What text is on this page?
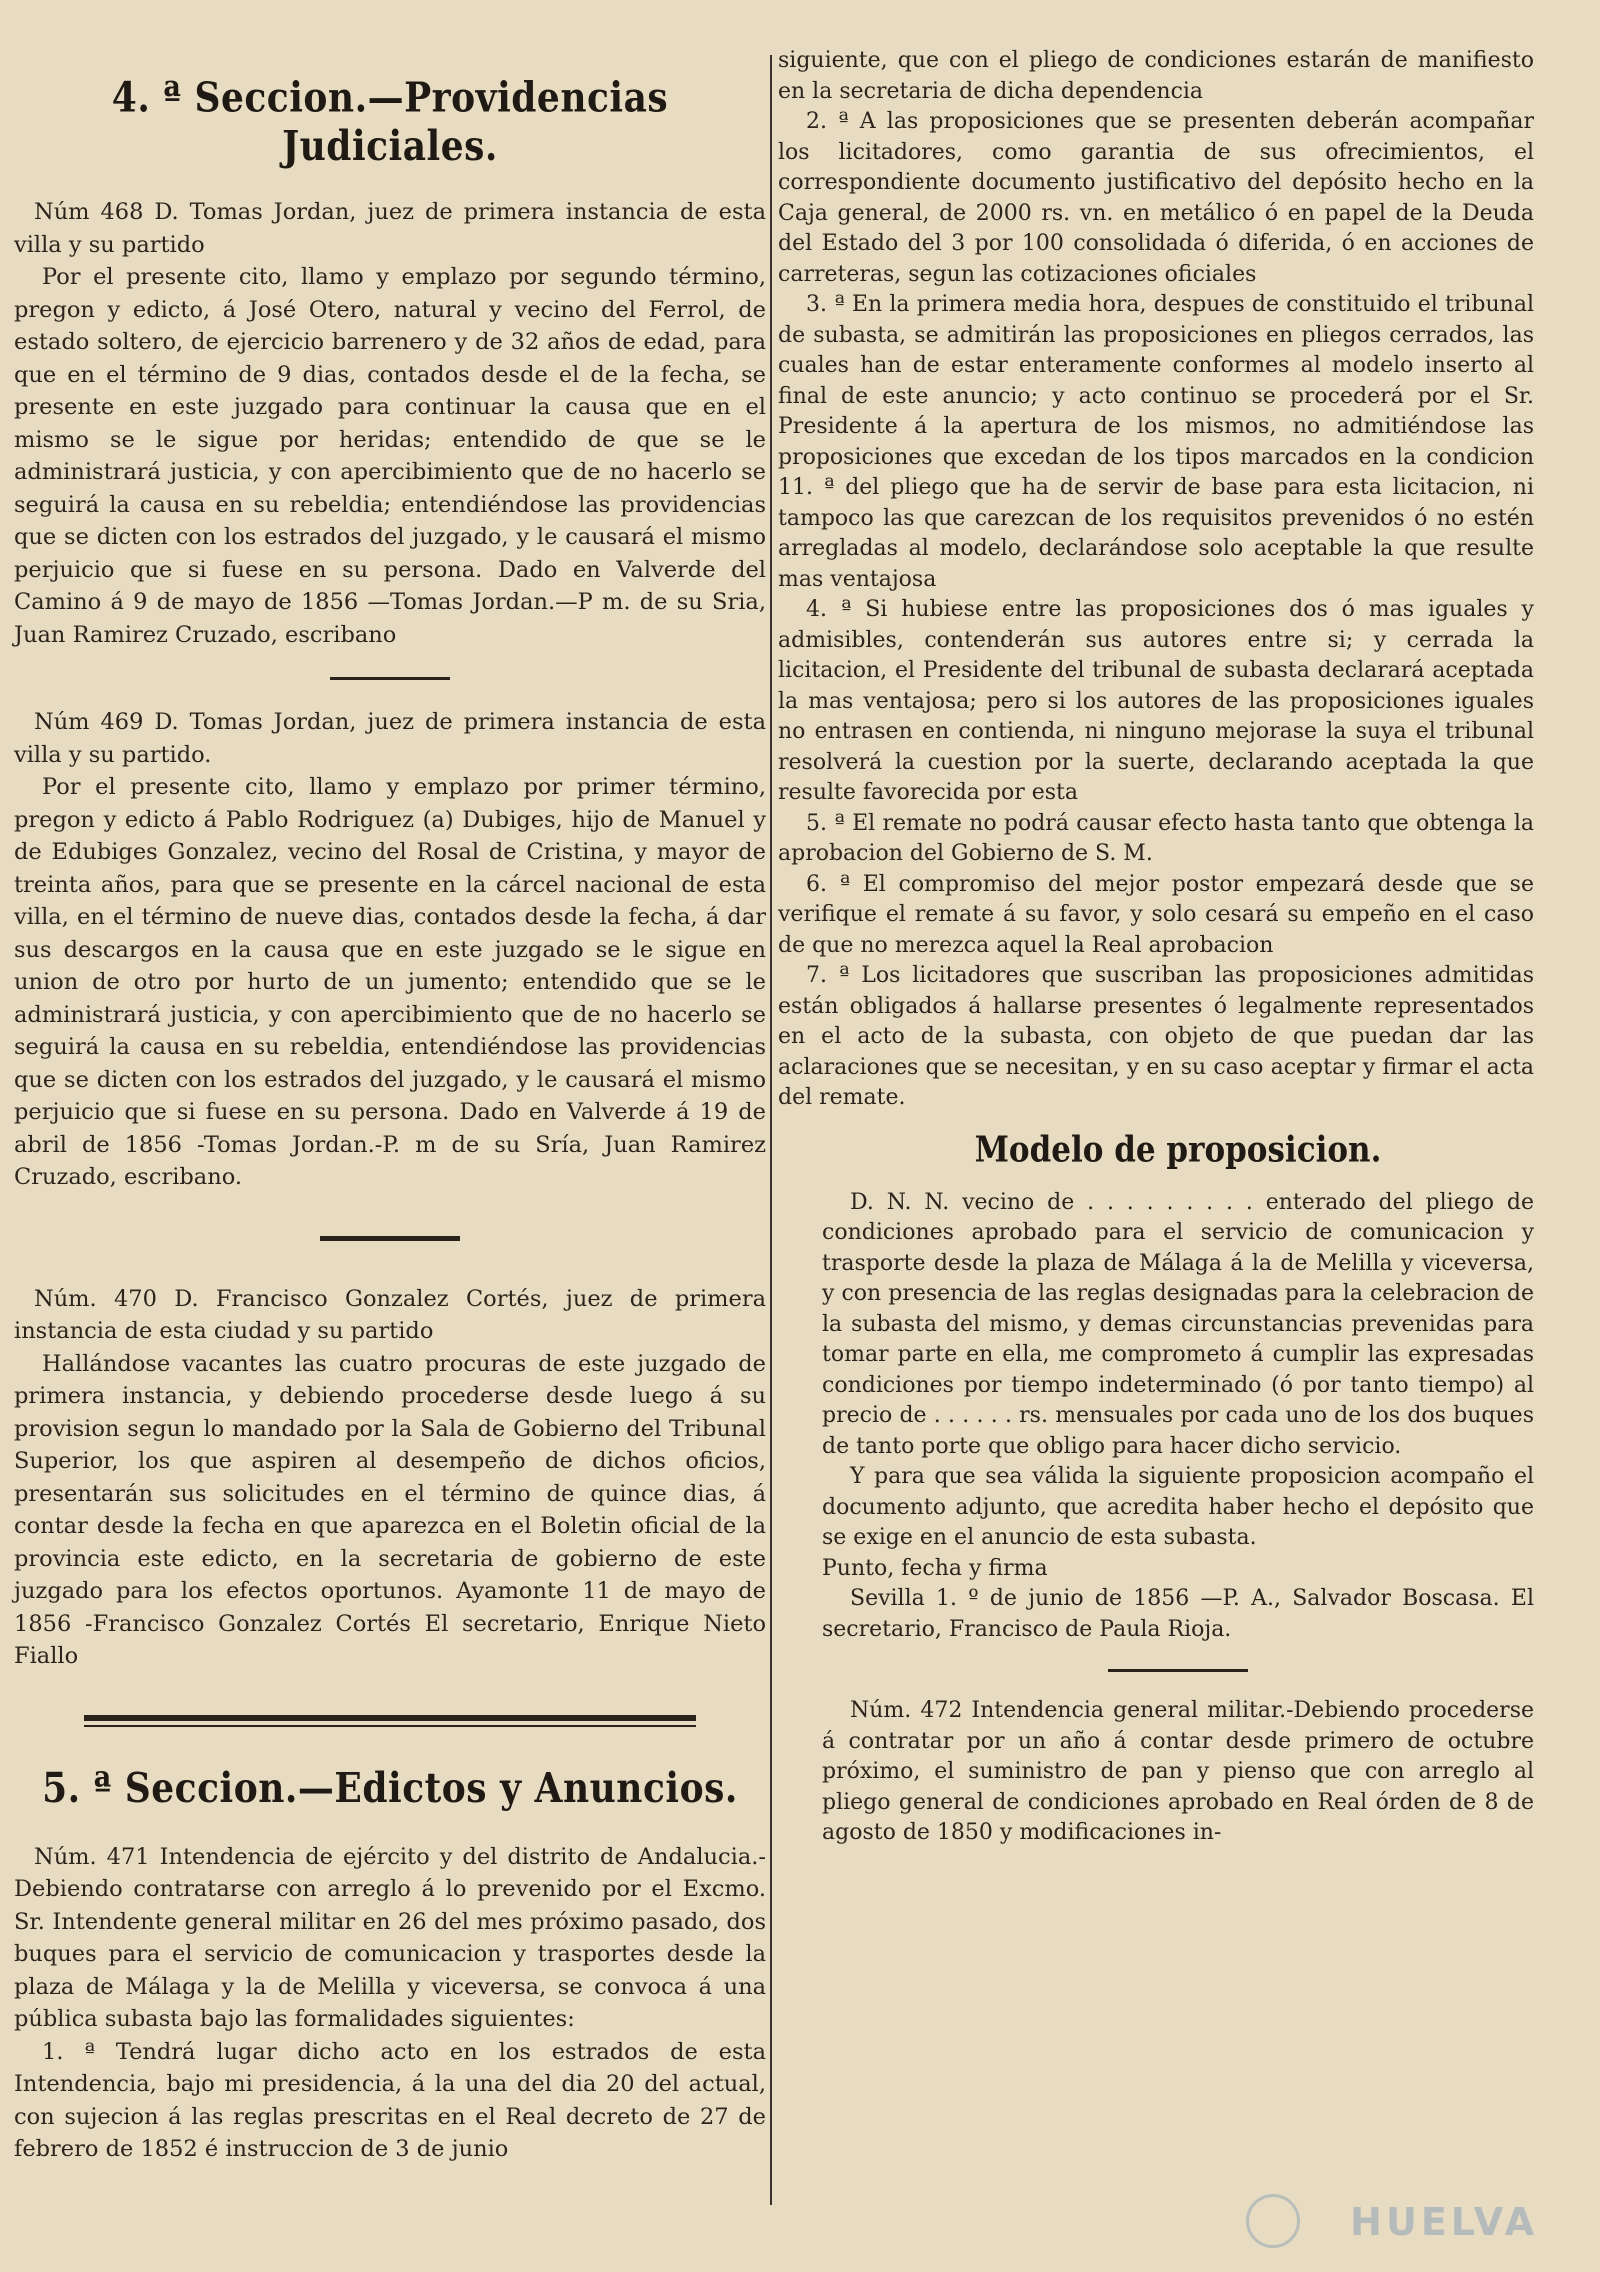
4. ª Seccion.—Providencias Judiciales.

Núm 468 D. Tomas Jordan, juez de primera instancia de esta villa y su partido

Por el presente cito, llamo y emplazo por segundo término, pregon y edicto, á José Otero, natural y vecino del Ferrol, de estado soltero, de ejercicio barrenero y de 32 años de edad, para que en el término de 9 dias, contados desde el de la fecha, se presente en este juzgado para continuar la causa que en el mismo se le sigue por heridas; entendido de que se le administrará justicia, y con apercibimiento que de no hacerlo se seguirá la causa en su rebeldia; entendiéndose las providencias que se dicten con los estrados del juzgado, y le causará el mismo perjuicio que si fuese en su persona. Dado en Valverde del Camino á 9 de mayo de 1856 —Tomas Jordan.—P m. de su Sria, Juan Ramirez Cruzado, escribano

Núm 469 D. Tomas Jordan, juez de primera instancia de esta villa y su partido.

Por el presente cito, llamo y emplazo por primer término, pregon y edicto á Pablo Rodriguez (a) Dubiges, hijo de Manuel y de Edubiges Gonzalez, vecino del Rosal de Cristina, y mayor de treinta años, para que se presente en la cárcel nacional de esta villa, en el término de nueve dias, contados desde la fecha, á dar sus descargos en la causa que en este juzgado se le sigue en union de otro por hurto de un jumento; entendido que se le administrará justicia, y con apercibimiento que de no hacerlo se seguirá la causa en su rebeldia, entendiéndose las providencias que se dicten con los estrados del juzgado, y le causará el mismo perjuicio que si fuese en su persona. Dado en Valverde á 19 de abril de 1856 -Tomas Jordan.-P. m de su Sría, Juan Ramirez Cruzado, escribano.

Núm. 470 D. Francisco Gonzalez Cortés, juez de primera instancia de esta ciudad y su partido

Hallándose vacantes las cuatro procuras de este juzgado de primera instancia, y debiendo procederse desde luego á su provision segun lo mandado por la Sala de Gobierno del Tribunal Superior, los que aspiren al desempeño de dichos oficios, presentarán sus solicitudes en el término de quince dias, á contar desde la fecha en que aparezca en el Boletin oficial de la provincia este edicto, en la secretaria de gobierno de este juzgado para los efectos oportunos. Ayamonte 11 de mayo de 1856 -Francisco Gonzalez Cortés El secretario, Enrique Nieto Fiallo

5. ª Seccion.—Edictos y Anuncios.

Núm. 471 Intendencia de ejército y del distrito de Andalucia.-Debiendo contratarse con arreglo á lo prevenido por el Excmo. Sr. Intendente general militar en 26 del mes próximo pasado, dos buques para el servicio de comunicacion y trasportes desde la plaza de Málaga y la de Melilla y viceversa, se convoca á una pública subasta bajo las formalidades siguientes:

1. ª Tendrá lugar dicho acto en los estrados de esta Intendencia, bajo mi presidencia, á la una del dia 20 del actual, con sujecion á las reglas prescritas en el Real decreto de 27 de febrero de 1852 é instruccion de 3 de junio

siguiente, que con el pliego de condiciones estarán de manifiesto en la secretaria de dicha dependencia

2. ª A las proposiciones que se presenten deberán acompañar los licitadores, como garantia de sus ofrecimientos, el correspondiente documento justificativo del depósito hecho en la Caja general, de 2000 rs. vn. en metálico ó en papel de la Deuda del Estado del 3 por 100 consolidada ó diferida, ó en acciones de carreteras, segun las cotizaciones oficiales

3. ª En la primera media hora, despues de constituido el tribunal de subasta, se admitirán las proposiciones en pliegos cerrados, las cuales han de estar enteramente conformes al modelo inserto al final de este anuncio; y acto continuo se procederá por el Sr. Presidente á la apertura de los mismos, no admitiéndose las proposiciones que excedan de los tipos marcados en la condicion 11. ª del pliego que ha de servir de base para esta licitacion, ni tampoco las que carezcan de los requisitos prevenidos ó no estén arregladas al modelo, declarándose solo aceptable la que resulte mas ventajosa

4. ª Si hubiese entre las proposiciones dos ó mas iguales y admisibles, contenderán sus autores entre si; y cerrada la licitacion, el Presidente del tribunal de subasta declarará aceptada la mas ventajosa; pero si los autores de las proposiciones iguales no entrasen en contienda, ni ninguno mejorase la suya el tribunal resolverá la cuestion por la suerte, declarando aceptada la que resulte favorecida por esta

5. ª El remate no podrá causar efecto hasta tanto que obtenga la aprobacion del Gobierno de S. M.

6. ª El compromiso del mejor postor empezará desde que se verifique el remate á su favor, y solo cesará su empeño en el caso de que no merezca aquel la Real aprobacion

7. ª Los licitadores que suscriban las proposiciones admitidas están obligados á hallarse presentes ó legalmente representados en el acto de la subasta, con objeto de que puedan dar las aclaraciones que se necesitan, y en su caso aceptar y firmar el acta del remate.

Modelo de proposicion.

D. N. N. vecino de . . . . . . . . . enterado del pliego de condiciones aprobado para el servicio de comunicacion y trasporte desde la plaza de Málaga á la de Melilla y viceversa, y con presencia de las reglas designadas para la celebracion de la subasta del mismo, y demas circunstancias prevenidas para tomar parte en ella, me comprometo á cumplir las expresadas condiciones por tiempo indeterminado (ó por tanto tiempo) al precio de . . . . . . rs. mensuales por cada uno de los dos buques de tanto porte que obligo para hacer dicho servicio.

Y para que sea válida la siguiente proposicion acompaño el documento adjunto, que acredita haber hecho el depósito que se exige en el anuncio de esta subasta.

Punto, fecha y firma

Sevilla 1. º de junio de 1856 —P. A., Salvador Boscasa. El secretario, Francisco de Paula Rioja.

Núm. 472 Intendencia general militar.-Debiendo procederse á contratar por un año á contar desde primero de octubre próximo, el suministro de pan y pienso que con arreglo al pliego general de condiciones aprobado en Real órden de 8 de agosto de 1850 y modificaciones in-

HUELVA
